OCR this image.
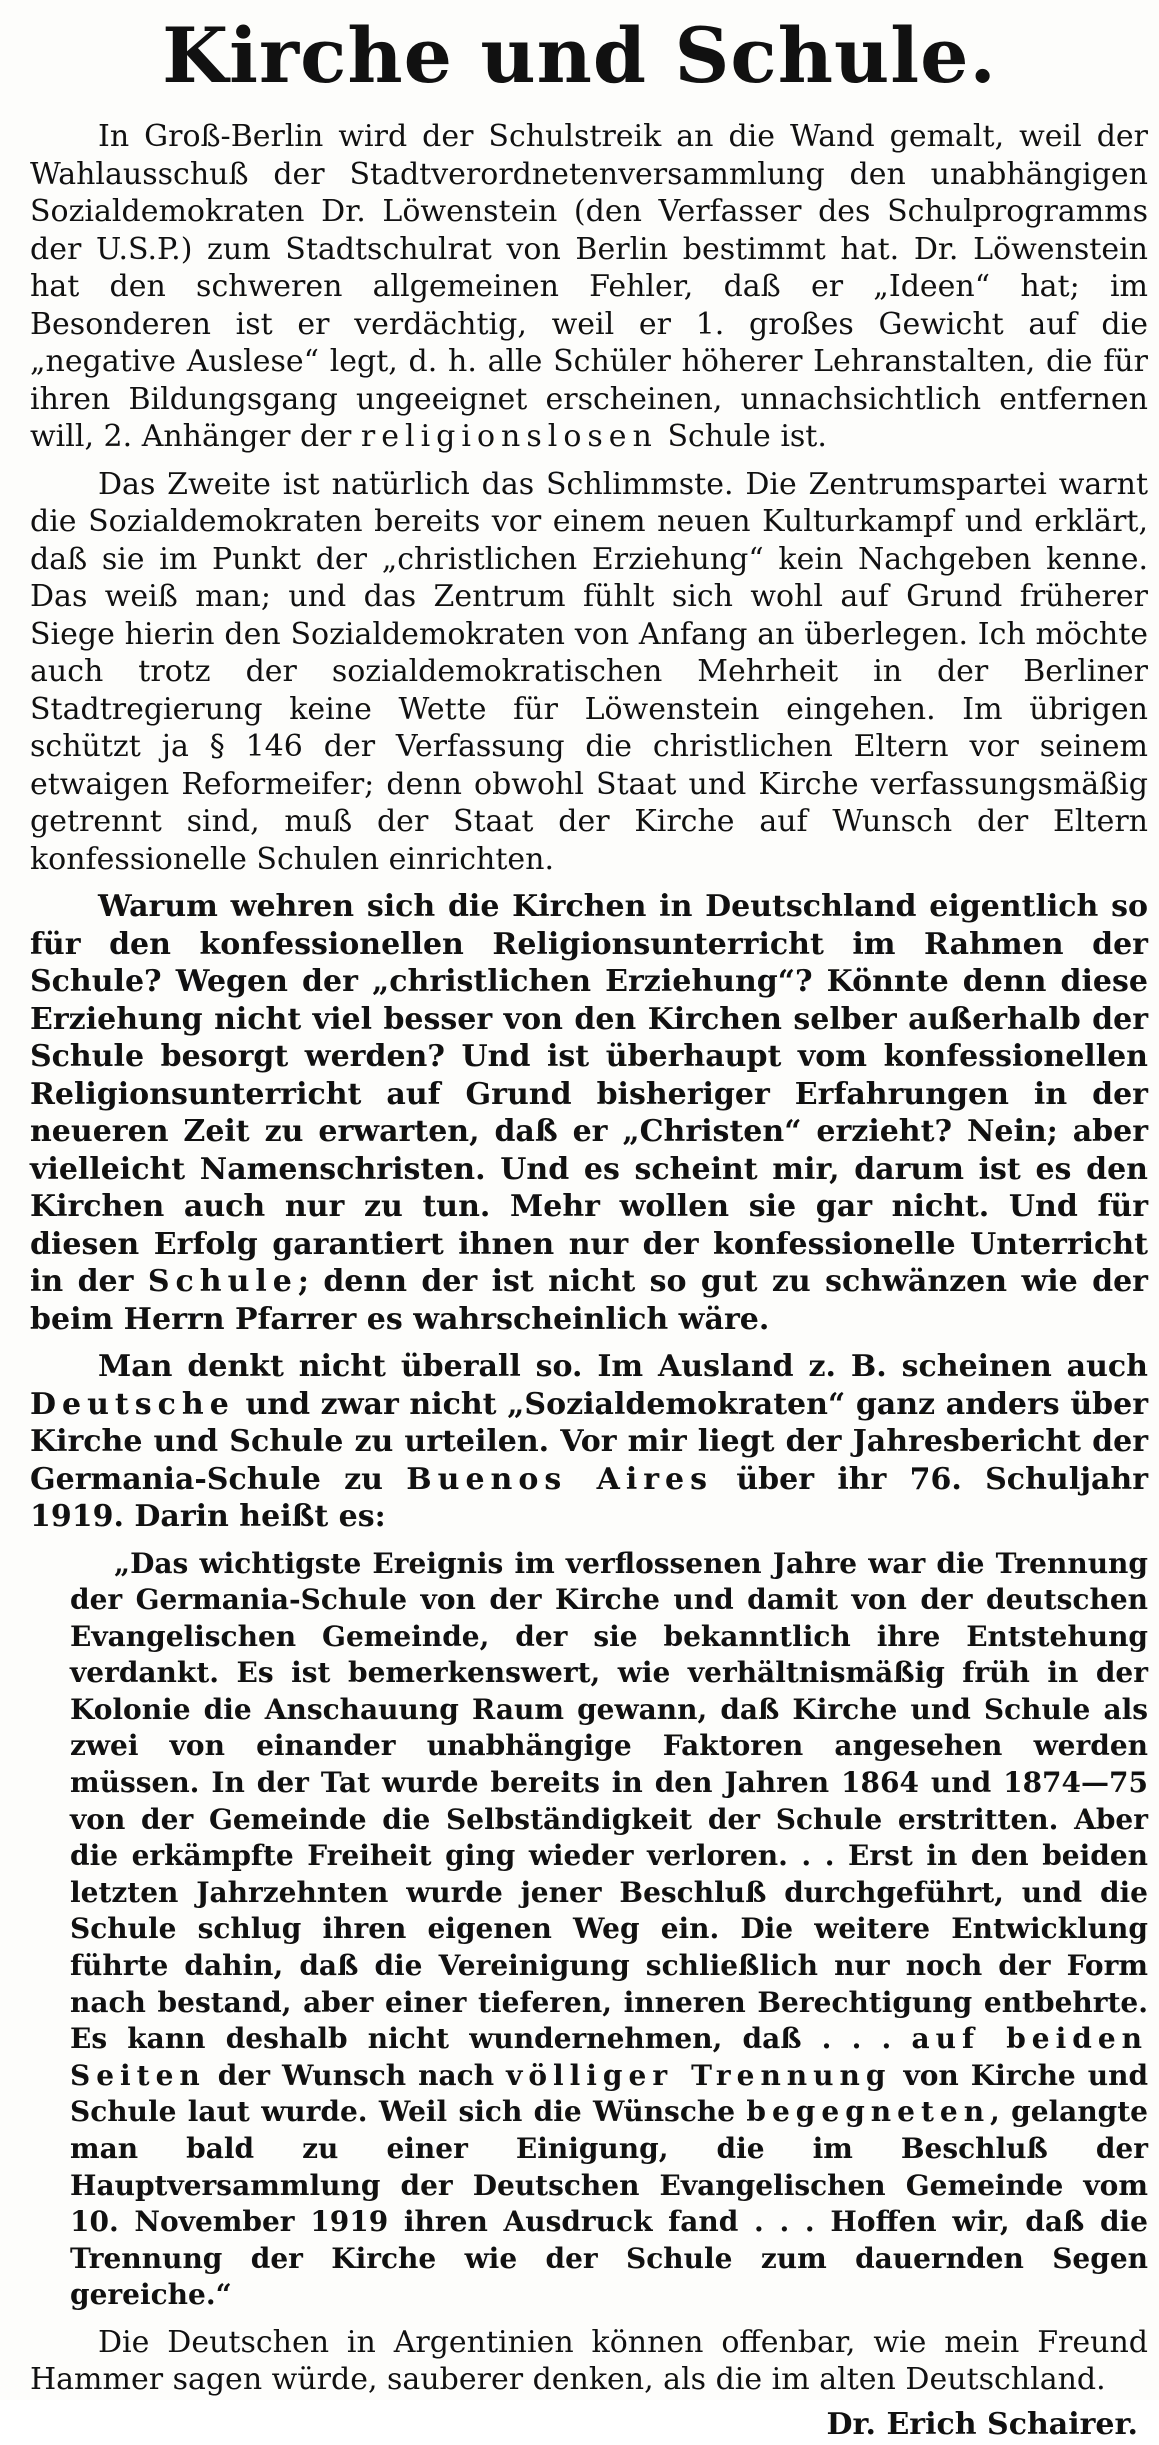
Kirche und Schule.

In Groß-Berlin wird der Schulstreik an die Wand gemalt, weil der Wahlausschuß der Stadtverordnetenversammlung den unabhängigen Sozialdemokraten Dr. Löwenstein (den Verfasser des Schulprogramms der U.S.P.) zum Stadtschulrat von Berlin bestimmt hat. Dr. Löwenstein hat den schweren allgemeinen Fehler, daß er „Ideen“ hat; im Besonderen ist er verdächtig, weil er 1. großes Gewicht auf die „negative Auslese“ legt, d. h. alle Schüler höherer Lehranstalten, die für ihren Bildungsgang ungeeignet erscheinen, unnachsichtlich entfernen will, 2. Anhänger der religionslosen Schule ist.

Das Zweite ist natürlich das Schlimmste. Die Zentrumspartei warnt die Sozialdemokraten bereits vor einem neuen Kulturkampf und erklärt, daß sie im Punkt der „christlichen Erziehung“ kein Nachgeben kenne. Das weiß man; und das Zentrum fühlt sich wohl auf Grund früherer Siege hierin den Sozialdemokraten von Anfang an überlegen. Ich möchte auch trotz der sozialdemokratischen Mehrheit in der Berliner Stadtregierung keine Wette für Löwenstein eingehen. Im übrigen schützt ja § 146 der Verfassung die christlichen Eltern vor seinem etwaigen Reformeifer; denn obwohl Staat und Kirche verfassungsmäßig getrennt sind, muß der Staat der Kirche auf Wunsch der Eltern konfessionelle Schulen einrichten.

Warum wehren sich die Kirchen in Deutschland eigentlich so für den konfessionellen Religionsunterricht im Rahmen der Schule? Wegen der „christlichen Erziehung“? Könnte denn diese Erziehung nicht viel besser von den Kirchen selber außerhalb der Schule besorgt werden? Und ist überhaupt vom konfessionellen Religionsunterricht auf Grund bisheriger Erfahrungen in der neueren Zeit zu erwarten, daß er „Christen“ erzieht? Nein; aber vielleicht Namenschristen. Und es scheint mir, darum ist es den Kirchen auch nur zu tun. Mehr wollen sie gar nicht. Und für diesen Erfolg garantiert ihnen nur der konfessionelle Unterricht in der Schule; denn der ist nicht so gut zu schwänzen wie der beim Herrn Pfarrer es wahrscheinlich wäre.

Man denkt nicht überall so. Im Ausland z. B. scheinen auch Deutsche und zwar nicht „Sozialdemokraten“ ganz anders über Kirche und Schule zu urteilen. Vor mir liegt der Jahresbericht der Germania-Schule zu Buenos Aires über ihr 76. Schuljahr 1919. Darin heißt es:

„Das wichtigste Ereignis im verflossenen Jahre war die Trennung der Germania-Schule von der Kirche und damit von der deutschen Evangelischen Gemeinde, der sie bekanntlich ihre Entstehung verdankt. Es ist bemerkenswert, wie verhältnismäßig früh in der Kolonie die Anschauung Raum gewann, daß Kirche und Schule als zwei von einander unabhängige Faktoren angesehen werden müssen. In der Tat wurde bereits in den Jahren 1864 und 1874—75 von der Gemeinde die Selbständigkeit der Schule erstritten. Aber die erkämpfte Freiheit ging wieder verloren. . . Erst in den beiden letzten Jahrzehnten wurde jener Beschluß durchgeführt, und die Schule schlug ihren eigenen Weg ein. Die weitere Entwicklung führte dahin, daß die Vereinigung schließlich nur noch der Form nach bestand, aber einer tieferen, inneren Berechtigung entbehrte. Es kann deshalb nicht wundernehmen, daß . . . auf beiden Seiten der Wunsch nach völliger Trennung von Kirche und Schule laut wurde. Weil sich die Wünsche begegneten, gelangte man bald zu einer Einigung, die im Beschluß der Hauptversammlung der Deutschen Evangelischen Gemeinde vom 10. November 1919 ihren Ausdruck fand . . . Hoffen wir, daß die Trennung der Kirche wie der Schule zum dauernden Segen gereiche.“

Die Deutschen in Argentinien können offenbar, wie mein Freund Hammer sagen würde, sauberer denken, als die im alten Deutschland.

Dr. Erich Schairer.
